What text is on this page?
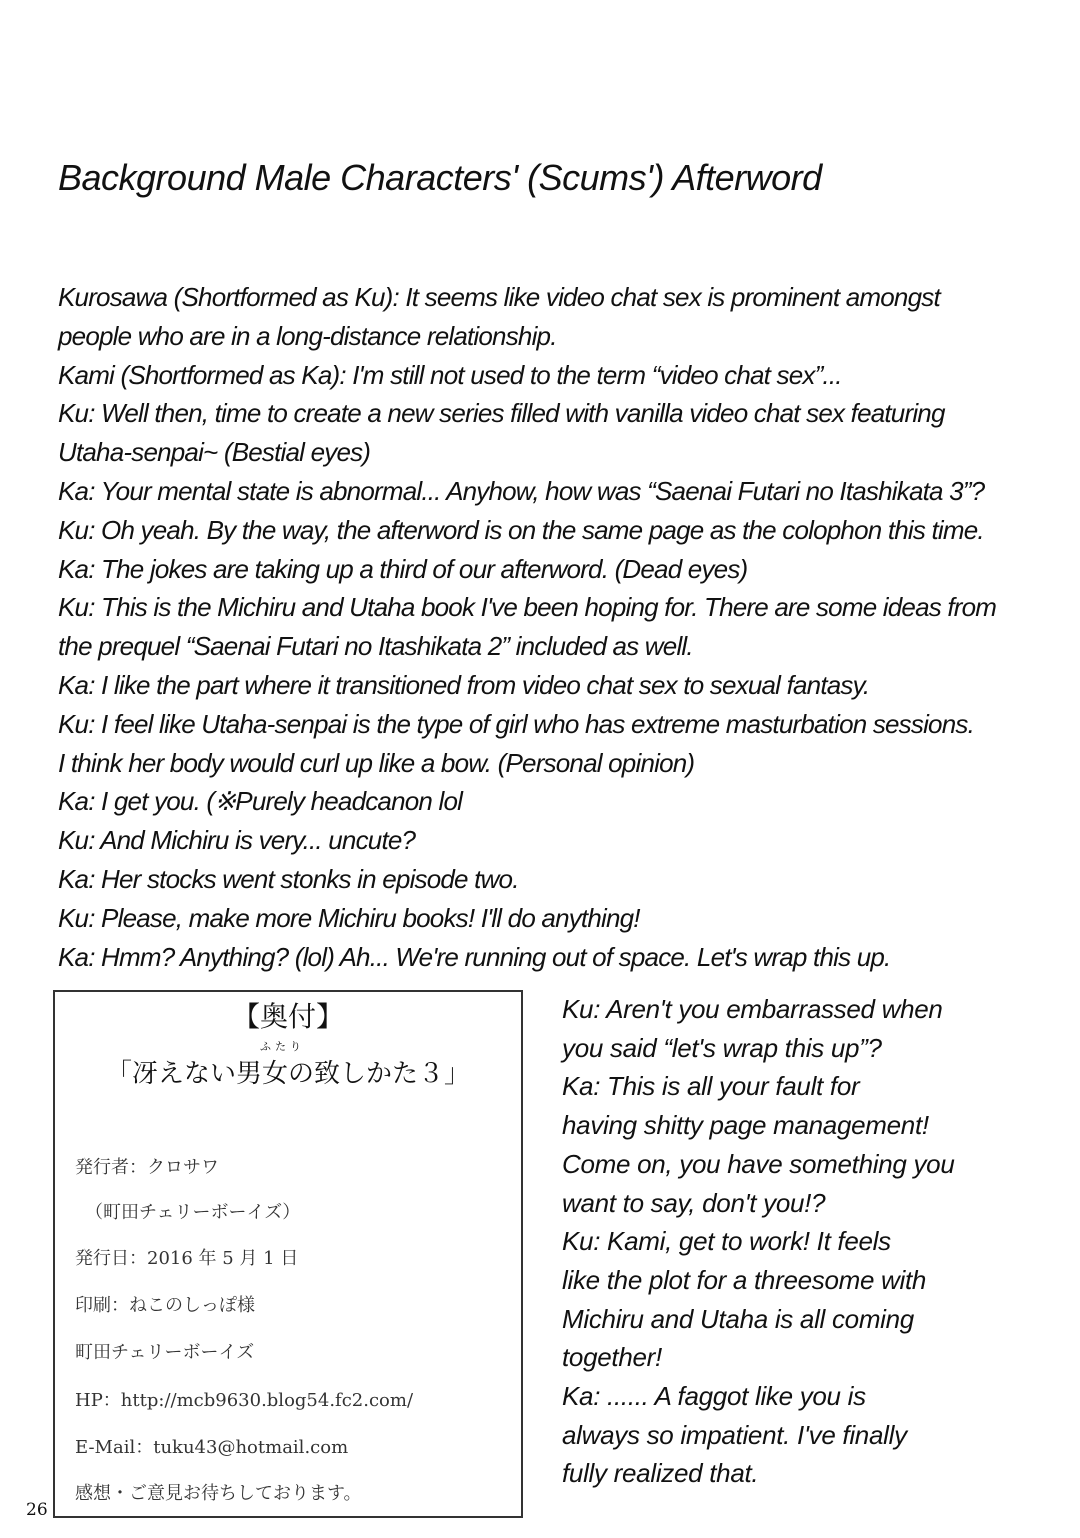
Background Male Characters' (Scums') Afterword
Kurosawa (Shortformed as Ku): It seems like video chat sex is prominent amongst
people who are in a long-distance relationship.
Kami (Shortformed as Ka): I'm still not used to the term “video chat sex”...
Ku: Well then, time to create a new series filled with vanilla video chat sex featuring
Utaha-senpai~ (Bestial eyes)
Ka: Your mental state is abnormal... Anyhow, how was “Saenai Futari no Itashikata 3”?
Ku: Oh yeah. By the way, the afterword is on the same page as the colophon this time.
Ka: The jokes are taking up a third of our afterword. (Dead eyes)
Ku: This is the Michiru and Utaha book I've been hoping for. There are some ideas from
the prequel “Saenai Futari no Itashikata 2” included as well.
Ka: I like the part where it transitioned from video chat sex to sexual fantasy.
Ku: I feel like Utaha-senpai is the type of girl who has extreme masturbation sessions.
I think her body would curl up like a bow. (Personal opinion)
Ka: I get you. (※Purely headcanon lol
Ku: And Michiru is very... uncute?
Ka: Her stocks went stonks in episode two.
Ku: Please, make more Michiru books! I'll do anything!
Ka: Hmm? Anything? (lol) Ah... We're running out of space. Let's wrap this up.
Ku: Aren't you embarrassed when
you said “let's wrap this up”?
Ka: This is all your fault for
having shitty page management!
Come on, you have something you
want to say, don't you!?
Ku: Kami, get to work! It feels
like the plot for a threesome with
Michiru and Utaha is all coming
together!
Ka: ...... A faggot like you is
always so impatient. I've finally
fully realized that.
【奥付】
ふたり
「冴えない男女の致しかた３」
発行者：クロサワ
（町田チェリーボーイズ）
発行日：2016 年 5 月 1 日
印刷：ねこのしっぽ様
町田チェリーボーイズ
HP：http://mcb9630.blog54.fc2.com/
E-Mail：tuku43@hotmail.com
感想・ご意見お待ちしております。
26
